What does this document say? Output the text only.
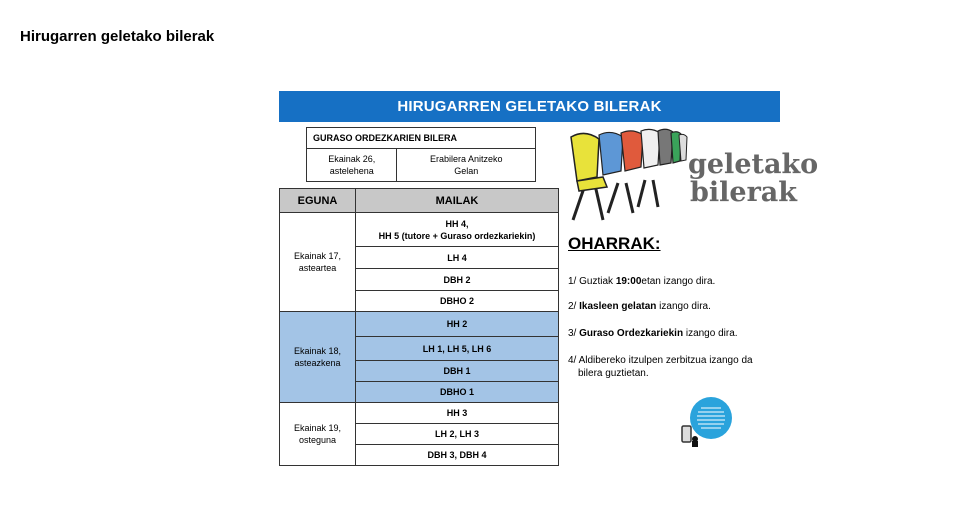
Hirugarren geletako bilerak
HIRUGARREN GELETAKO BILERAK
GURASO ORDEZKARIEN BILERA
Ekainak 26,
astelehena	Erabilera Anitzeko
Gelan
EGUNA	MAILAK
Ekainak 17,
asteartea	HH 4,
HH 5 (tutore + Guraso ordezkariekin)
	LH 4
	DBH 2
	DBHO 2
Ekainak 18,
asteazkena	HH 2
	LH 1, LH 5, LH 6
	DBH 1
	DBHO 1
Ekainak 19,
osteguna	HH 3
	LH 2, LH 3
	DBH 3, DBH 4
geletako
bilerak
OHARRAK:
1/ Guztiak 19:00etan izango dira.
2/ Ikasleen gelatan izango dira.
3/ Guraso Ordezkariekin izango dira.
4/ Aldibereko itzulpen zerbitzua izango da
bilera guztietan.
